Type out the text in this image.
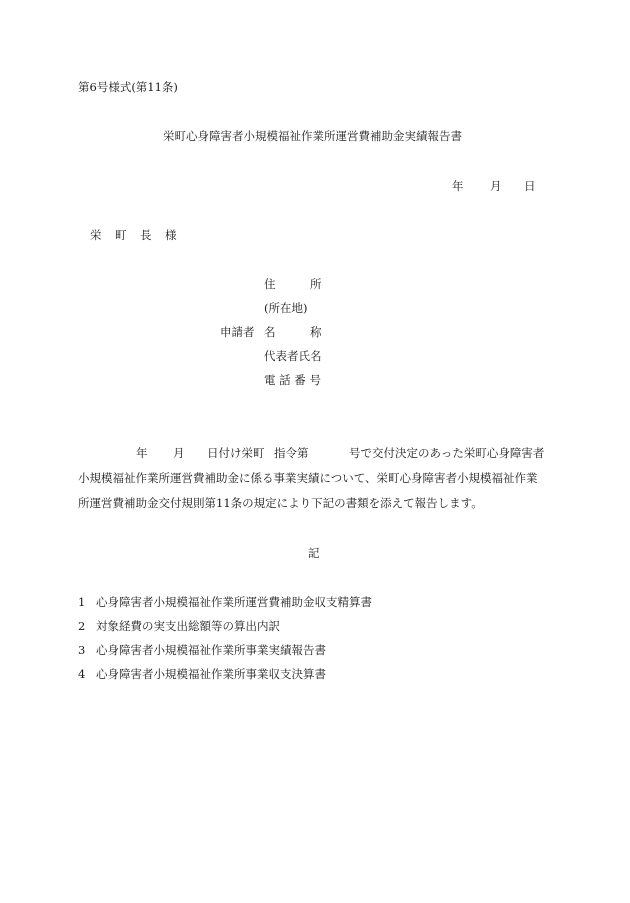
第6号様式(第11条)
栄町心身障害者小規模福祉作業所運営費補助金実績報告書
年 月 日
栄 町 長 様
申請者
住　　　所
(所在地)
名　　　称
代表者氏名
電 話 番 号
年 月 日付け栄町 指令第	号で交付決定のあった栄町心身障害者
小規模福祉作業所運営費補助金に係る事業実績について、栄町心身障害者小規模福祉作業
所運営費補助金交付規則第11条の規定により下記の書類を添えて報告します。
記
1 心身障害者小規模福祉作業所運営費補助金収支精算書
2 対象経費の実支出総額等の算出内訳
3 心身障害者小規模福祉作業所事業実績報告書
4 心身障害者小規模福祉作業所事業収支決算書
